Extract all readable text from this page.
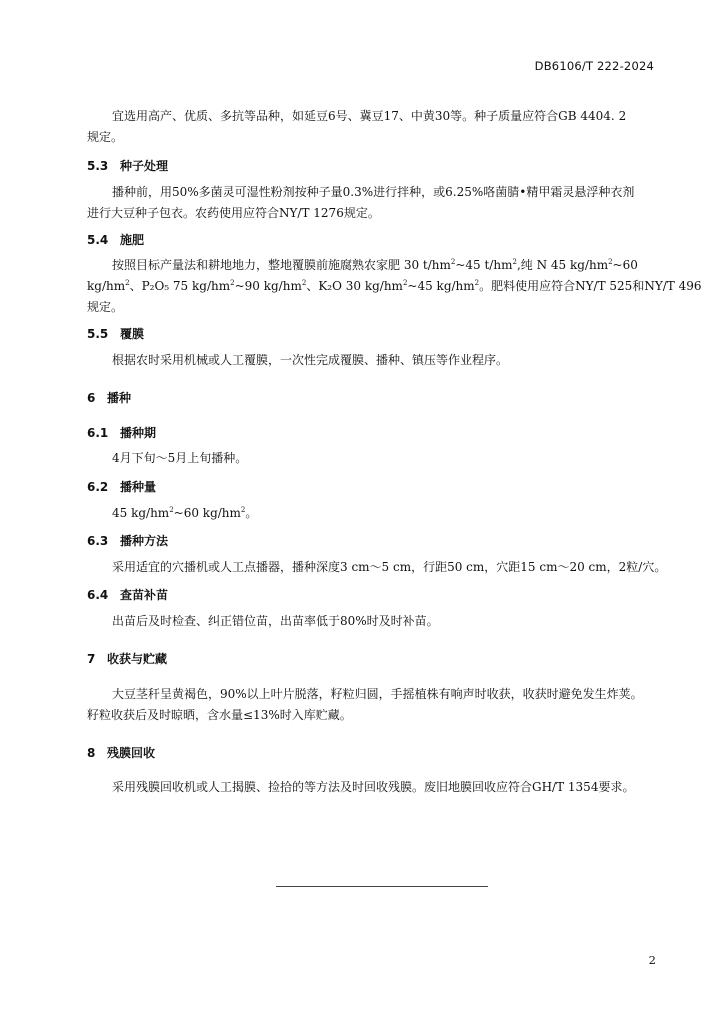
DB6106/T 222-2024
宜选用高产、优质、多抗等品种，如延豆6号、冀豆17、中黄30等。种子质量应符合GB 4404. 2
规定。
5.3 种子处理
播种前，用50%多菌灵可湿性粉剂按种子量0.3%进行拌种，或6.25%咯菌腈•精甲霜灵悬浮种衣剂
进行大豆种子包衣。农药使用应符合NY/T 1276规定。
5.4 施肥
按照目标产量法和耕地地力，整地覆膜前施腐熟农家肥 30 $t/hm^2\sim 45$ $t/hm^2$,纯 N 45 $kg/hm^2\sim 60$
$kg/hm^2$、P₂O₅ 75 $kg/hm^2\sim 90$ $kg/hm^2$、K₂O 30 $kg/hm^2\sim 45$ $kg/hm^2$。肥料使用应符合NY/T 525和NY/T 496
规定。
5.5 覆膜
根据农时采用机械或人工覆膜，一次性完成覆膜、播种、镇压等作业程序。
6 播种
6.1 播种期
4月下旬～5月上旬播种。
6.2 播种量
45 $kg/hm^2\sim 60$ $kg/hm^2$。
6.3 播种方法
采用适宜的穴播机或人工点播器，播种深度3 cm～5 cm，行距50 cm，穴距15 cm～20 cm，2粒/穴。
6.4 查苗补苗
出苗后及时检查、纠正错位苗，出苗率低于80%时及时补苗。
7 收获与贮藏
大豆茎秆呈黄褐色，90%以上叶片脱落，籽粒归圆，手摇植株有响声时收获，收获时避免发生炸荚。
籽粒收获后及时晾晒，含水量≤13%时入库贮藏。
8 残膜回收
采用残膜回收机或人工揭膜、捡拾的等方法及时回收残膜。废旧地膜回收应符合GH/T 1354要求。
2
